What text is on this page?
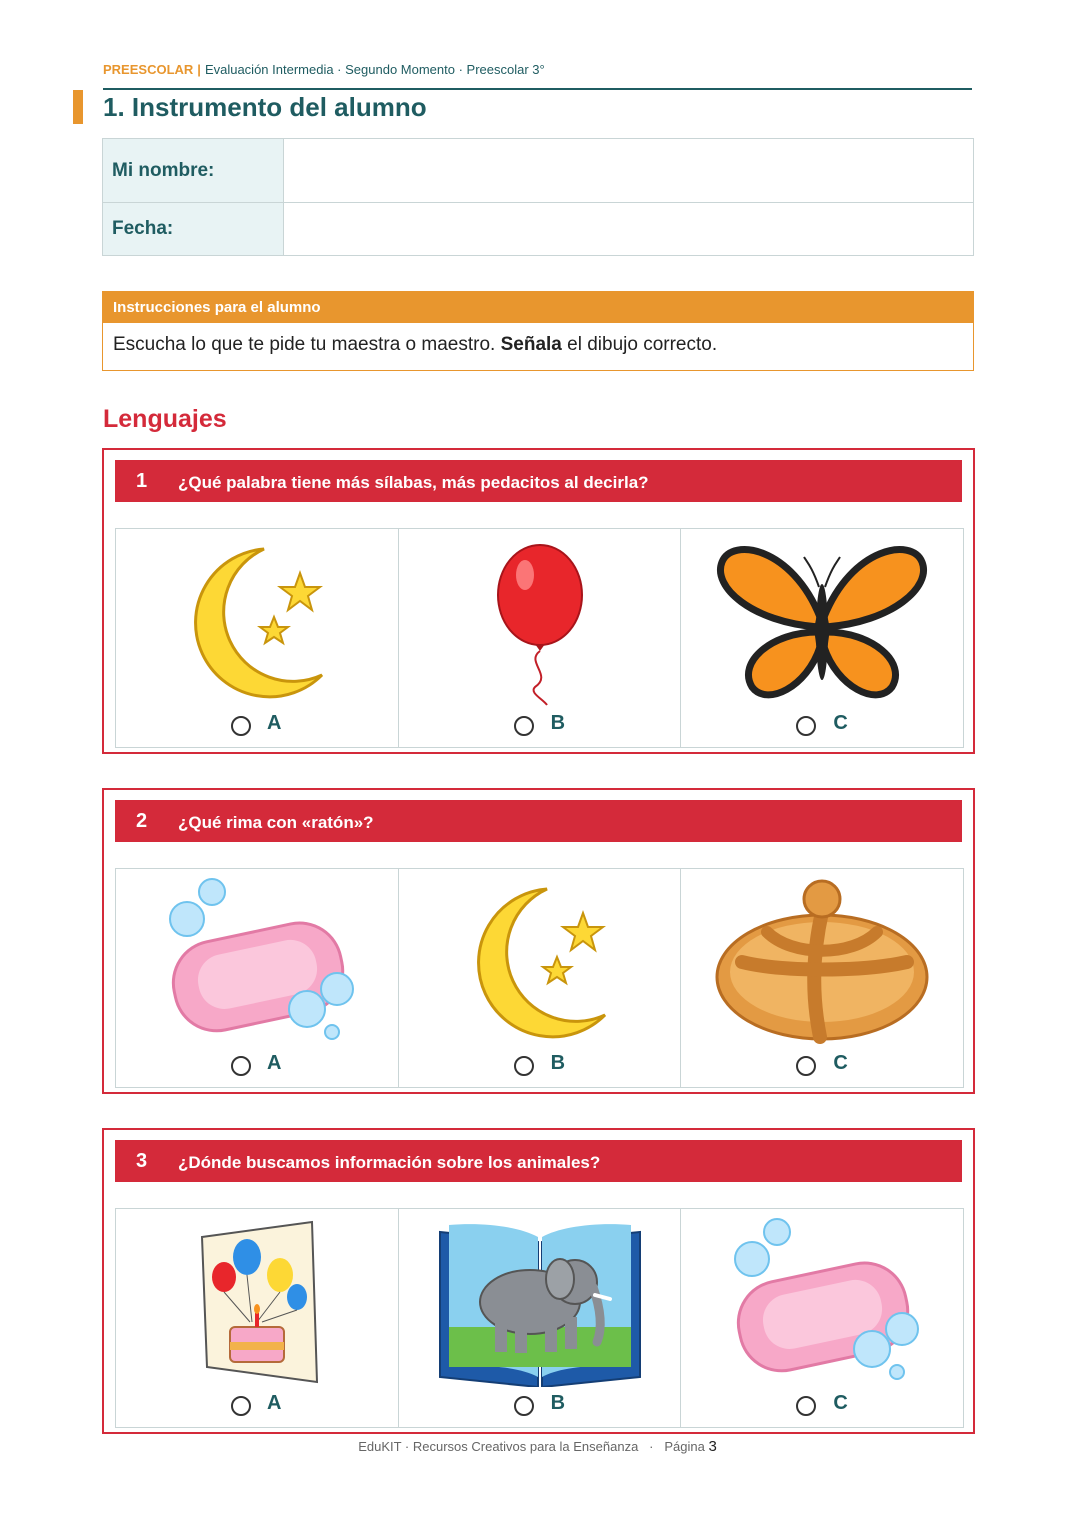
PREESCOLAR | Evaluación Intermedia · Segundo Momento · Preescolar 3°
1. Instrumento del alumno
Mi nombre:	
Fecha:	
Instrucciones para el alumno
Escucha lo que te pide tu maestra o maestro. Señala el dibujo correcto.
Lenguajes
1 ¿Qué palabra tiene más sílabas, más pedacitos al decirla?
A	B	C
2 ¿Qué rima con «ratón»?
A	B	C
3 ¿Dónde buscamos información sobre los animales?
A	B	C
EduKIT · Recursos Creativos para la Enseñanza · Página 3
